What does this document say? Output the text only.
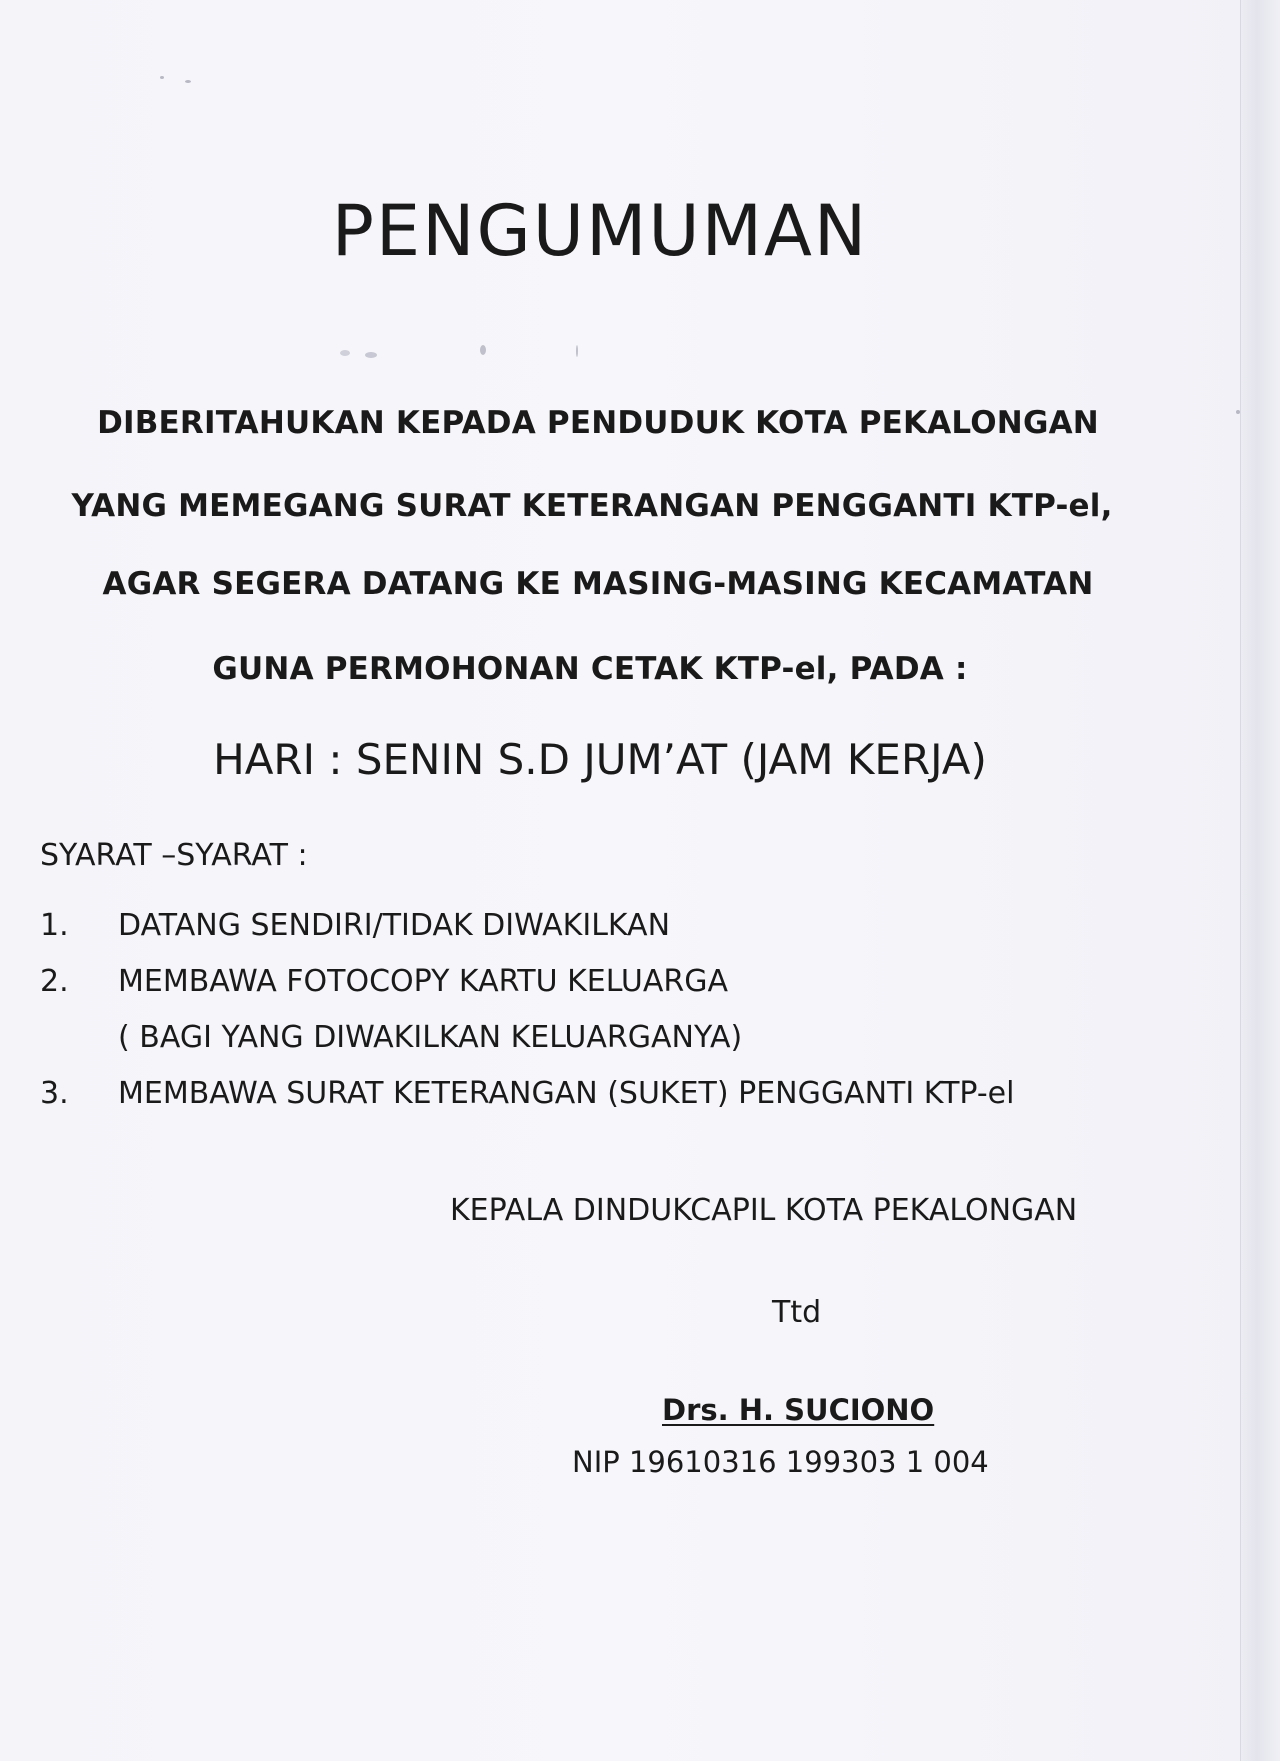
PENGUMUMAN
DIBERITAHUKAN KEPADA PENDUDUK KOTA PEKALONGAN
YANG MEMEGANG SURAT KETERANGAN PENGGANTI KTP-el,
AGAR SEGERA DATANG KE MASING-MASING KECAMATAN
GUNA PERMOHONAN CETAK KTP-el, PADA :
HARI : SENIN S.D JUM’AT (JAM KERJA)
SYARAT –SYARAT :
1.	DATANG SENDIRI/TIDAK DIWAKILKAN
2.	MEMBAWA FOTOCOPY KARTU KELUARGA
( BAGI YANG DIWAKILKAN KELUARGANYA)
3.	MEMBAWA SURAT KETERANGAN (SUKET) PENGGANTI KTP-el
KEPALA DINDUKCAPIL KOTA PEKALONGAN
Ttd
Drs. H. SUCIONO
NIP 19610316 199303 1 004
